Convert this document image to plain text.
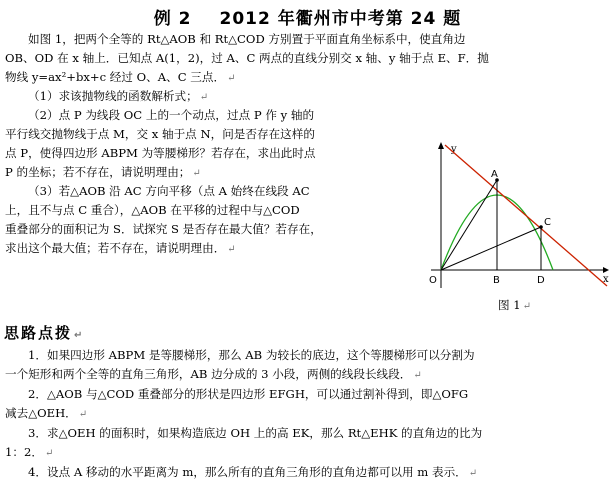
例 2 2012 年衢州市中考第 24 题
如图 1，把两个全等的 Rt△AOB 和 Rt△COD 方别置于平面直角坐标系中，使直角边
OB、OD 在 x 轴上．已知点 A(1，2)，过 A、C 两点的直线分别交 x 轴、y 轴于点 E、F．抛
物线 y=ax²+bx+c 经过 O、A、C 三点． ↵
（1）求该抛物线的函数解析式； ↵
（2）点 P 为线段 OC 上的一个动点，过点 P 作 y 轴的
平行线交抛物线于点 M，交 x 轴于点 N，问是否存在这样的
点 P，使得四边形 ABPM 为等腰梯形？若存在，求出此时点
P 的坐标；若不存在，请说明理由； ↵
（3）若△AOB 沿 AC 方向平移（点 A 始终在线段 AC
上，且不与点 C 重合），△AOB 在平移的过程中与△COD
重叠部分的面积记为 S．试探究 S 是否存在最大值？若存在，
求出这个最大值；若不存在，请说明理由． ↵
y
x
A
C
O	B	D
图 1 ↵
思路点拨 ↵
1．如果四边形 ABPM 是等腰梯形，那么 AB 为较长的底边，这个等腰梯形可以分割为
一个矩形和两个全等的直角三角形，AB 边分成的 3 小段，两侧的线段长线段． ↵
2．△AOB 与△COD 重叠部分的形状是四边形 EFGH，可以通过割补得到，即△OFG
减去△OEH． ↵
3．求△OEH 的面积时，如果构造底边 OH 上的高 EK，那么 Rt△EHK 的直角边的比为
1：2． ↵
4．设点 A 移动的水平距离为 m，那么所有的直角三角形的直角边都可以用 m 表示． ↵
